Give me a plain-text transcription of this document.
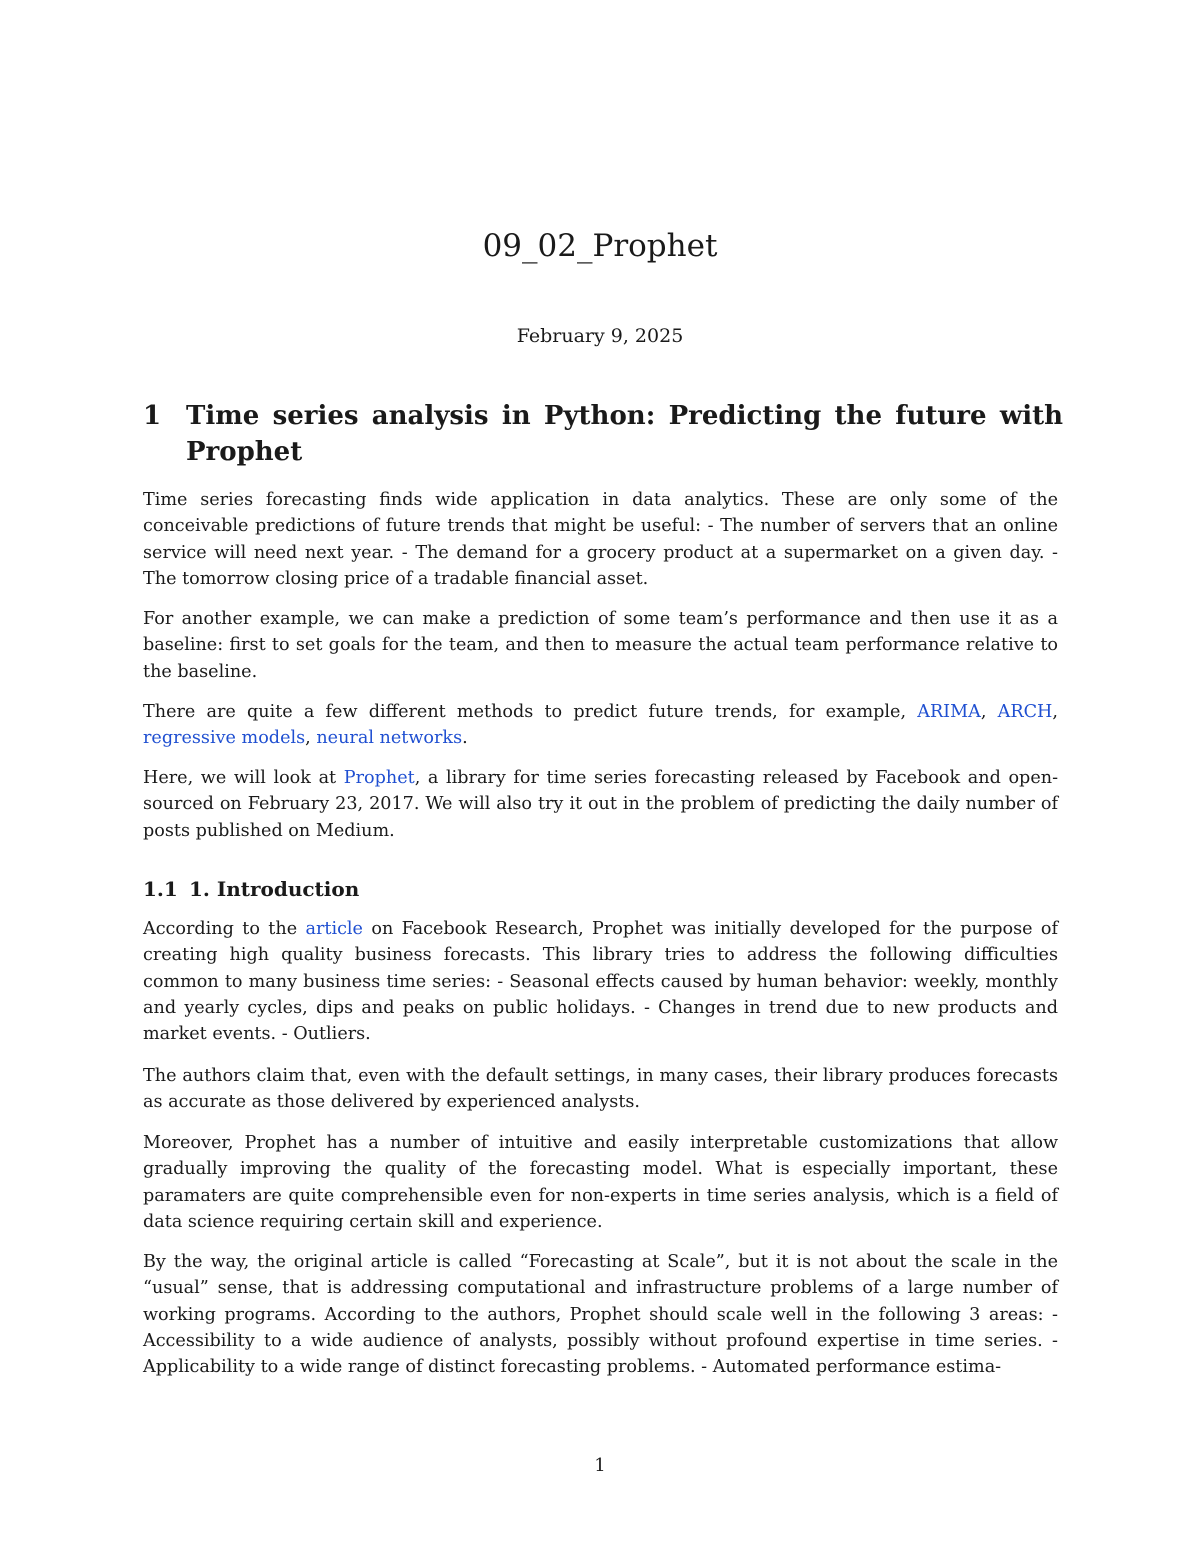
09_02_Prophet

February 9, 2025

1 Time series analysis in Python: Predicting the future with Prophet

Time series forecasting finds wide application in data analytics. These are only some of the conceivable predictions of future trends that might be useful: - The number of servers that an online service will need next year. - The demand for a grocery product at a supermarket on a given day. - The tomorrow closing price of a tradable financial asset.

For another example, we can make a prediction of some team’s performance and then use it as a baseline: first to set goals for the team, and then to measure the actual team performance relative to the baseline.

There are quite a few different methods to predict future trends, for example, ARIMA, ARCH, regressive models, neural networks.

Here, we will look at Prophet, a library for time series forecasting released by Facebook and open-sourced on February 23, 2017. We will also try it out in the problem of predicting the daily number of posts published on Medium.

1.1 1. Introduction

According to the article on Facebook Research, Prophet was initially developed for the purpose of creating high quality business forecasts. This library tries to address the following difficulties common to many business time series: - Seasonal effects caused by human behavior: weekly, monthly and yearly cycles, dips and peaks on public holidays. - Changes in trend due to new products and market events. - Outliers.

The authors claim that, even with the default settings, in many cases, their library produces forecasts as accurate as those delivered by experienced analysts.

Moreover, Prophet has a number of intuitive and easily interpretable customizations that allow gradually improving the quality of the forecasting model. What is especially important, these paramaters are quite comprehensible even for non-experts in time series analysis, which is a field of data science requiring certain skill and experience.

By the way, the original article is called “Forecasting at Scale”, but it is not about the scale in the “usual” sense, that is addressing computational and infrastructure problems of a large number of working programs. According to the authors, Prophet should scale well in the following 3 areas: - Accessibility to a wide audience of analysts, possibly without profound expertise in time series. - Applicability to a wide range of distinct forecasting problems. - Automated performance estima-

1
